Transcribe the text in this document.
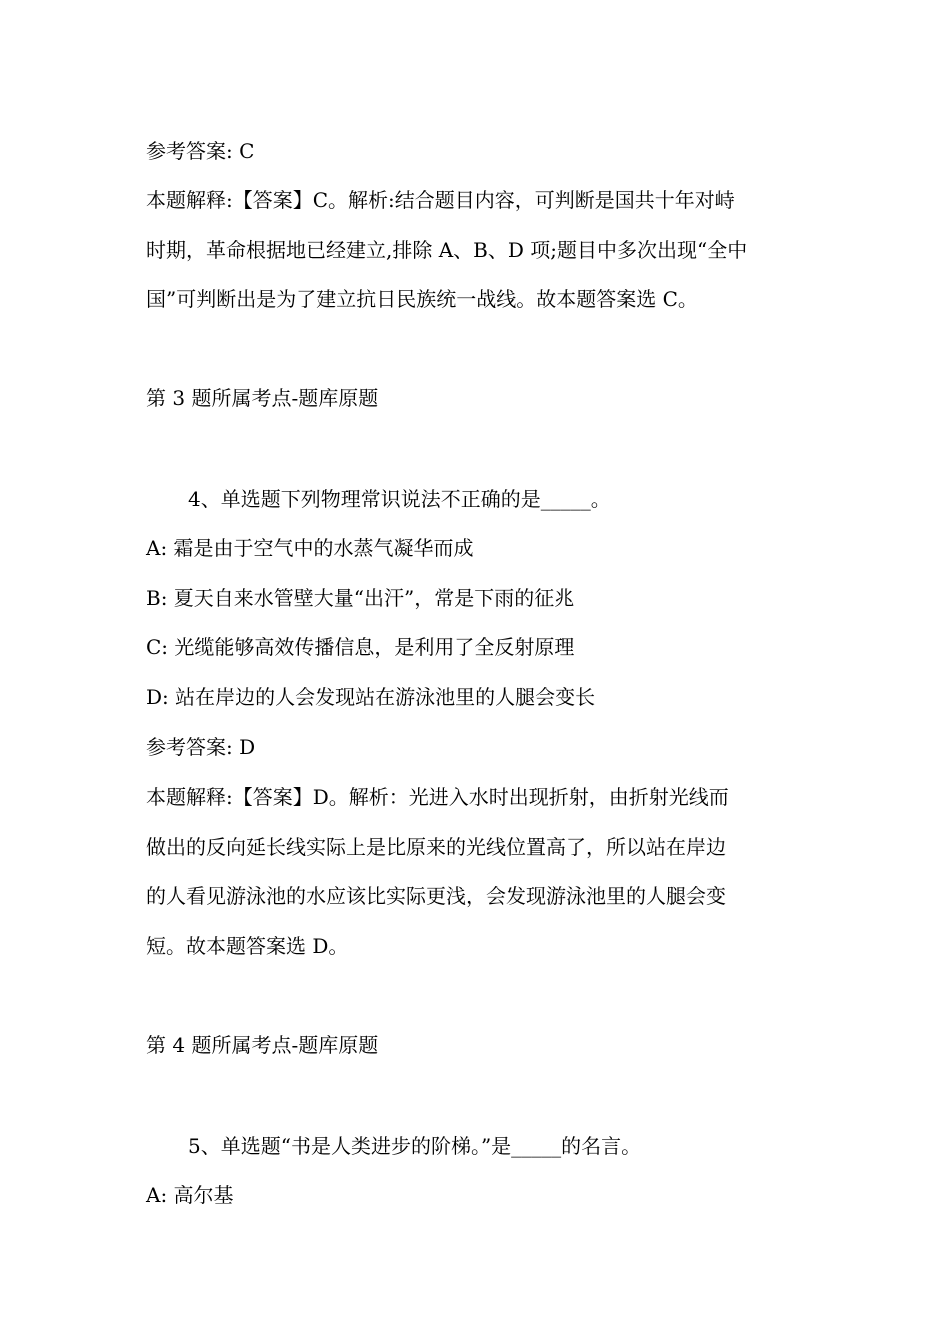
参考答案: C
本题解释:【答案】C。解析:结合题目内容，可判断是国共十年对峙
时期，革命根据地已经建立,排除 A、B、D 项;题目中多次出现“全中
国”可判断出是为了建立抗日民族统一战线。故本题答案选 C。
第 3 题所属考点-题库原题
4、单选题下列物理常识说法不正确的是_____。
A: 霜是由于空气中的水蒸气凝华而成
B: 夏天自来水管壁大量“出汗”，常是下雨的征兆
C: 光缆能够高效传播信息，是利用了全反射原理
D: 站在岸边的人会发现站在游泳池里的人腿会变长
参考答案: D
本题解释:【答案】D。解析：光进入水时出现折射，由折射光线而
做出的反向延长线实际上是比原来的光线位置高了，所以站在岸边
的人看见游泳池的水应该比实际更浅，会发现游泳池里的人腿会变
短。故本题答案选 D。
第 4 题所属考点-题库原题
5、单选题“书是人类进步的阶梯。”是_____的名言。
A: 高尔基
